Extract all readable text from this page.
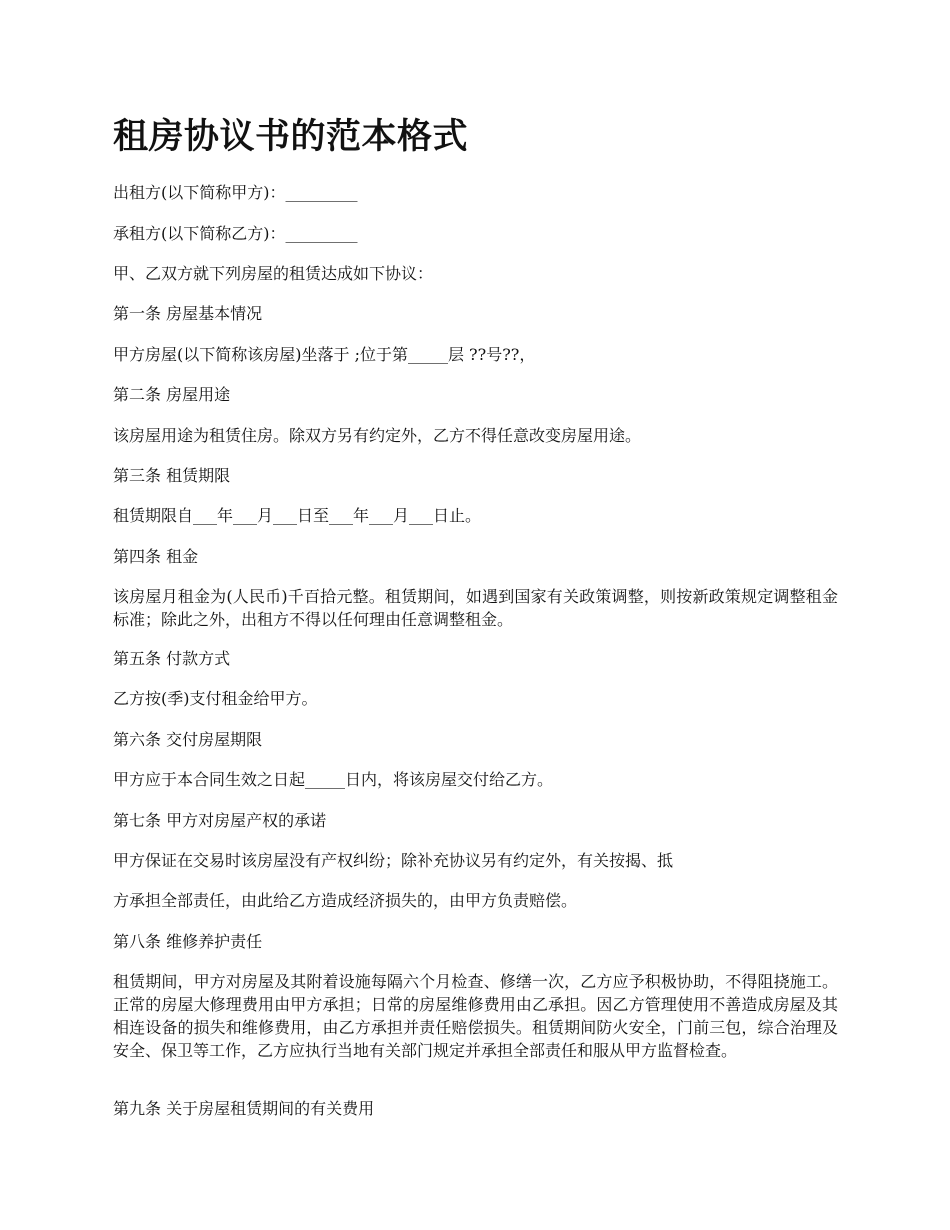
租房协议书的范本格式

出租方(以下简称甲方)：_________

承租方(以下简称乙方)：_________

甲、乙双方就下列房屋的租赁达成如下协议：

第一条 房屋基本情况

甲方房屋(以下简称该房屋)坐落于 ;位于第_____层 ??号??，

第二条 房屋用途

该房屋用途为租赁住房。除双方另有约定外，乙方不得任意改变房屋用途。

第三条 租赁期限

租赁期限自___年___月___日至___年___月___日止。

第四条 租金

该房屋月租金为(人民币)千百拾元整。租赁期间，如遇到国家有关政策调整，则按新政策规定调整租金标准；除此之外，出租方不得以任何理由任意调整租金。

第五条 付款方式

乙方按(季)支付租金给甲方。

第六条 交付房屋期限

甲方应于本合同生效之日起_____日内，将该房屋交付给乙方。

第七条 甲方对房屋产权的承诺

甲方保证在交易时该房屋没有产权纠纷；除补充协议另有约定外，有关按揭、抵

方承担全部责任，由此给乙方造成经济损失的，由甲方负责赔偿。

第八条 维修养护责任

租赁期间，甲方对房屋及其附着设施每隔六个月检查、修缮一次，乙方应予积极协助，不得阻挠施工。正常的房屋大修理费用由甲方承担；日常的房屋维修费用由乙承担。因乙方管理使用不善造成房屋及其相连设备的损失和维修费用，由乙方承担并责任赔偿损失。租赁期间防火安全，门前三包，综合治理及安全、保卫等工作，乙方应执行当地有关部门规定并承担全部责任和服从甲方监督检查。

第九条 关于房屋租赁期间的有关费用
